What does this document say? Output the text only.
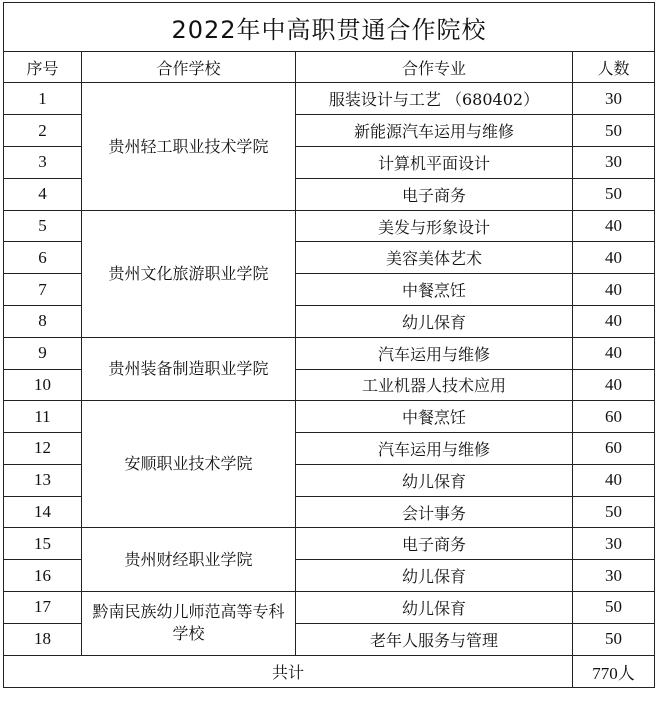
2022年中高职贯通合作院校			
序号	合作学校	合作专业	人数
1	贵州轻工职业技术学院	服装设计与工艺 （680402）	30
2		新能源汽车运用与维修	50
3		计算机平面设计	30
4		电子商务	50
5	贵州文化旅游职业学院	美发与形象设计	40
6		美容美体艺术	40
7		中餐烹饪	40
8		幼儿保育	40
9	贵州装备制造职业学院	汽车运用与维修	40
10		工业机器人技术应用	40
11	安顺职业技术学院	中餐烹饪	60
12		汽车运用与维修	60
13		幼儿保育	40
14		会计事务	50
15	贵州财经职业学院	电子商务	30
16		幼儿保育	30
17	黔南民族幼儿师范高等专科学校	幼儿保育	50
18		老年人服务与管理	50
共计			770人
